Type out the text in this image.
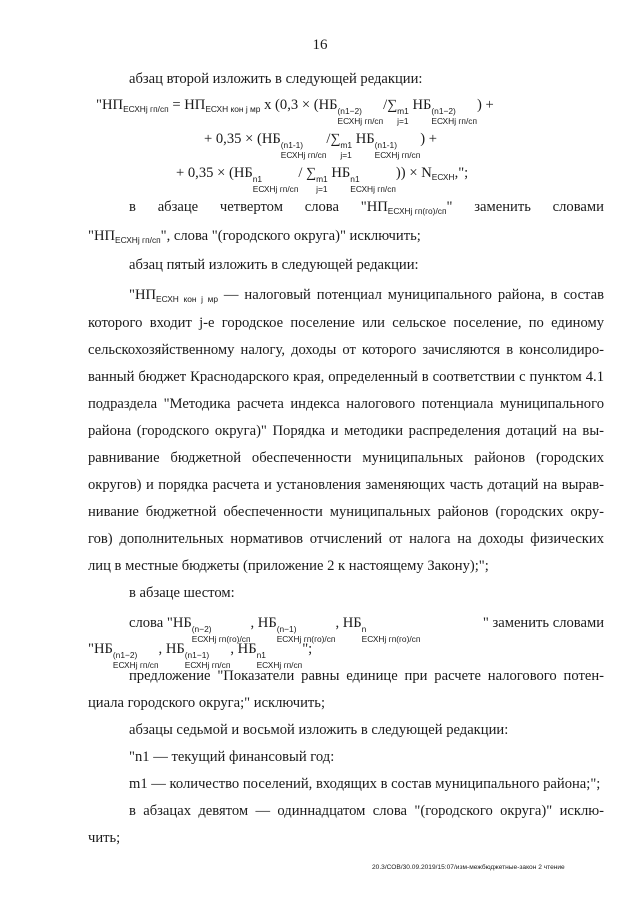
16
абзац второй изложить в следующей редакции:
"$НП_{ЕСХНj гп/сп} = НП_{ЕСХН кон j мр}$ х (0,3 × (НБ (n1−2)
ЕСХНj гп/сп
/∑ m1
j=1
НБ (n1−2)
ЕСХНj гп/сп
) +
+ 0,35 × (НБ (n1-1)
ЕСХНj гп/сп
/∑ m1
j=1
НБ (n1-1)
ЕСХНj гп/сп
) +
+ 0,35 × (НБ n1
ЕСХНj гп/сп
/ ∑ m1
j=1
НБ n1
ЕСХНj гп/сп
)) × $N_{ЕСХН}$,";
в абзаце четвертом слова "$НП_{ЕСХНj гп(го)/сп}$" заменить словами
"$НП_{ЕСХНj гп/сп}$", слова "(городского округа)" исключить;
абзац пятый изложить в следующей редакции:
"$НП_{ЕСХН кон j мр}$ — налоговый потенциал муниципального района, в состав
которого входит j-е городское поселение или сельское поселение, по единому
сельскохозяйственному налогу, доходы от которого зачисляются в консолидиро-
ванный бюджет Краснодарского края, определенный в соответствии с пунктом 4.1
подраздела "Методика расчета индекса налогового потенциала муниципального
района (городского округа)" Порядка и методики распределения дотаций на вы-
равнивание бюджетной обеспеченности муниципальных районов (городских
округов) и порядка расчета и установления заменяющих часть дотаций на вырав-
нивание бюджетной обеспеченности муниципальных районов (городских окру-
гов) дополнительных нормативов отчислений от налога на доходы физических
лиц в местные бюджеты (приложение 2 к настоящему Закону);";
в абзаце шестом:
слова "НБ (n−2)
ЕСХНj гп(го)/сп
, НБ (n−1)
ЕСХНj гп(го)/сп
, НБ n
ЕСХНj гп(го)/сп
" заменить словами
"НБ (n1−2)
ЕСХНj гп/сп
, НБ (n1−1)
ЕСХНj гп/сп
, НБ n1
ЕСХНj гп/сп
";
предложение "Показатели равны единице при расчете налогового потен-
циала городского округа;" исключить;
абзацы седьмой и восьмой изложить в следующей редакции:
"n1 — текущий финансовый год:
m1 — количество поселений, входящих в состав муниципального района;";
в абзацах девятом — одиннадцатом слова "(городского округа)" исклю-
чить;
20.3/СОВ/30.09.2019/15:07/изм-межбюджетные-закон 2 чтение
